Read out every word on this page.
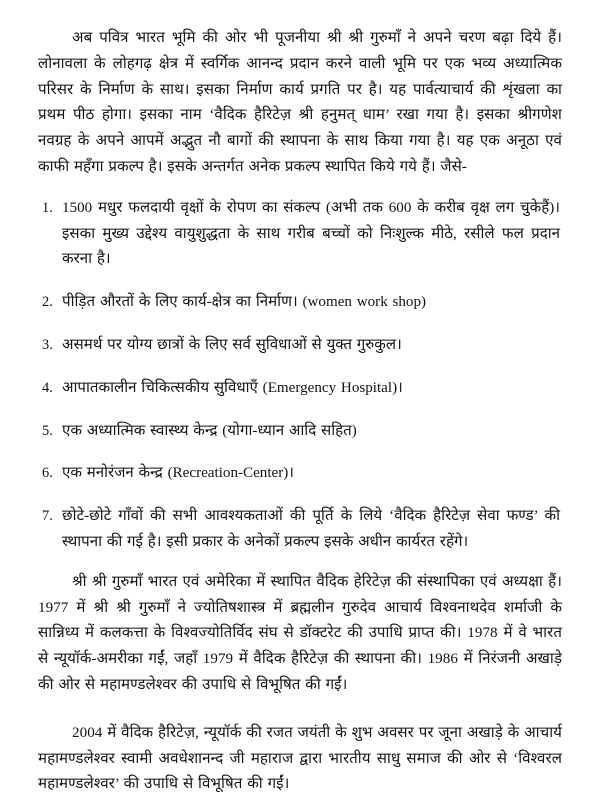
अब पवित्र भारत भूमि की ओर भी पूजनीया श्री श्री गुरुमाँ ने अपने चरण बढ़ा दिये हैं। लोनावला के लोहगढ़ क्षेत्र में स्वर्गिक आनन्द प्रदान करने वाली भूमि पर एक भव्य अध्यात्मिक परिसर के निर्माण के साथ। इसका निर्माण कार्य प्रगति पर है। यह पार्वत्याचार्य की शृंखला का प्रथम पीठ होगा। इसका नाम ‘वैदिक हैरिटेज़ श्री हनुमत् धाम’ रखा गया है। इसका श्रीगणेश नवग्रह के अपने आपमें अद्भुत नौ बागों की स्थापना के साथ किया गया है। यह एक अनूठा एवं काफी महँगा प्रकल्प है। इसके अन्तर्गत अनेक प्रकल्प स्थापित किये गये हैं। जैसे-

1. 1500 मधुर फलदायी वृक्षों के रोपण का संकल्प (अभी तक 600 के करीब वृक्ष लग चुकेहैं)। इसका मुख्य उद्देश्य वायुशुद्धता के साथ गरीब बच्चों को निःशुल्क मीठे, रसीले फल प्रदान करना है।
2. पीड़ित औरतों के लिए कार्य-क्षेत्र का निर्माण। (women work shop)
3. असमर्थ पर योग्य छात्रों के लिए सर्व सुविधाओं से युक्त गुरुकुल।
4. आपातकालीन चिकित्सकीय सुविधाएँ (Emergency Hospital)।
5. एक अध्यात्मिक स्वास्थ्य केन्द्र (योगा-ध्यान आदि सहित)
6. एक मनोरंजन केन्द्र (Recreation-Center)।
7. छोटे-छोटे गाँवों की सभी आवश्यकताओं की पूर्ति के लिये ‘वैदिक हैरिटेज़ सेवा फण्ड’ की स्थापना की गई है। इसी प्रकार के अनेकों प्रकल्प इसके अधीन कार्यरत रहेंगे।

श्री श्री गुरुमाँ भारत एवं अमेरिका में स्थापित वैदिक हेरिटेज़ की संस्थापिका एवं अध्यक्षा हैं। 1977 में श्री श्री गुरुमाँ ने ज्योतिषशास्त्र में ब्रह्मलीन गुरुदेव आचार्य विश्वनाथदेव शर्माजी के सान्निध्य में कलकत्ता के विश्वज्योतिर्विद संघ से डॉक्टरेट की उपाधि प्राप्त की। 1978 में वे भारत से न्यूयॉर्क-अमरीका गईं, जहाँ 1979 में वैदिक हैरिटेज़ की स्थापना की। 1986 में निरंजनी अखाड़े की ओर से महामण्डलेश्वर की उपाधि से विभूषित की गईं।

2004 में वैदिक हैरिटेज़, न्यूयॉर्क की रजत जयंती के शुभ अवसर पर जूना अखाड़े के आचार्य महामण्डलेश्वर स्वामी अवधेशानन्द जी महाराज द्वारा भारतीय साधु समाज की ओर से ‘विश्वरल महामण्डलेश्वर’ की उपाधि से विभूषित की गईं।
